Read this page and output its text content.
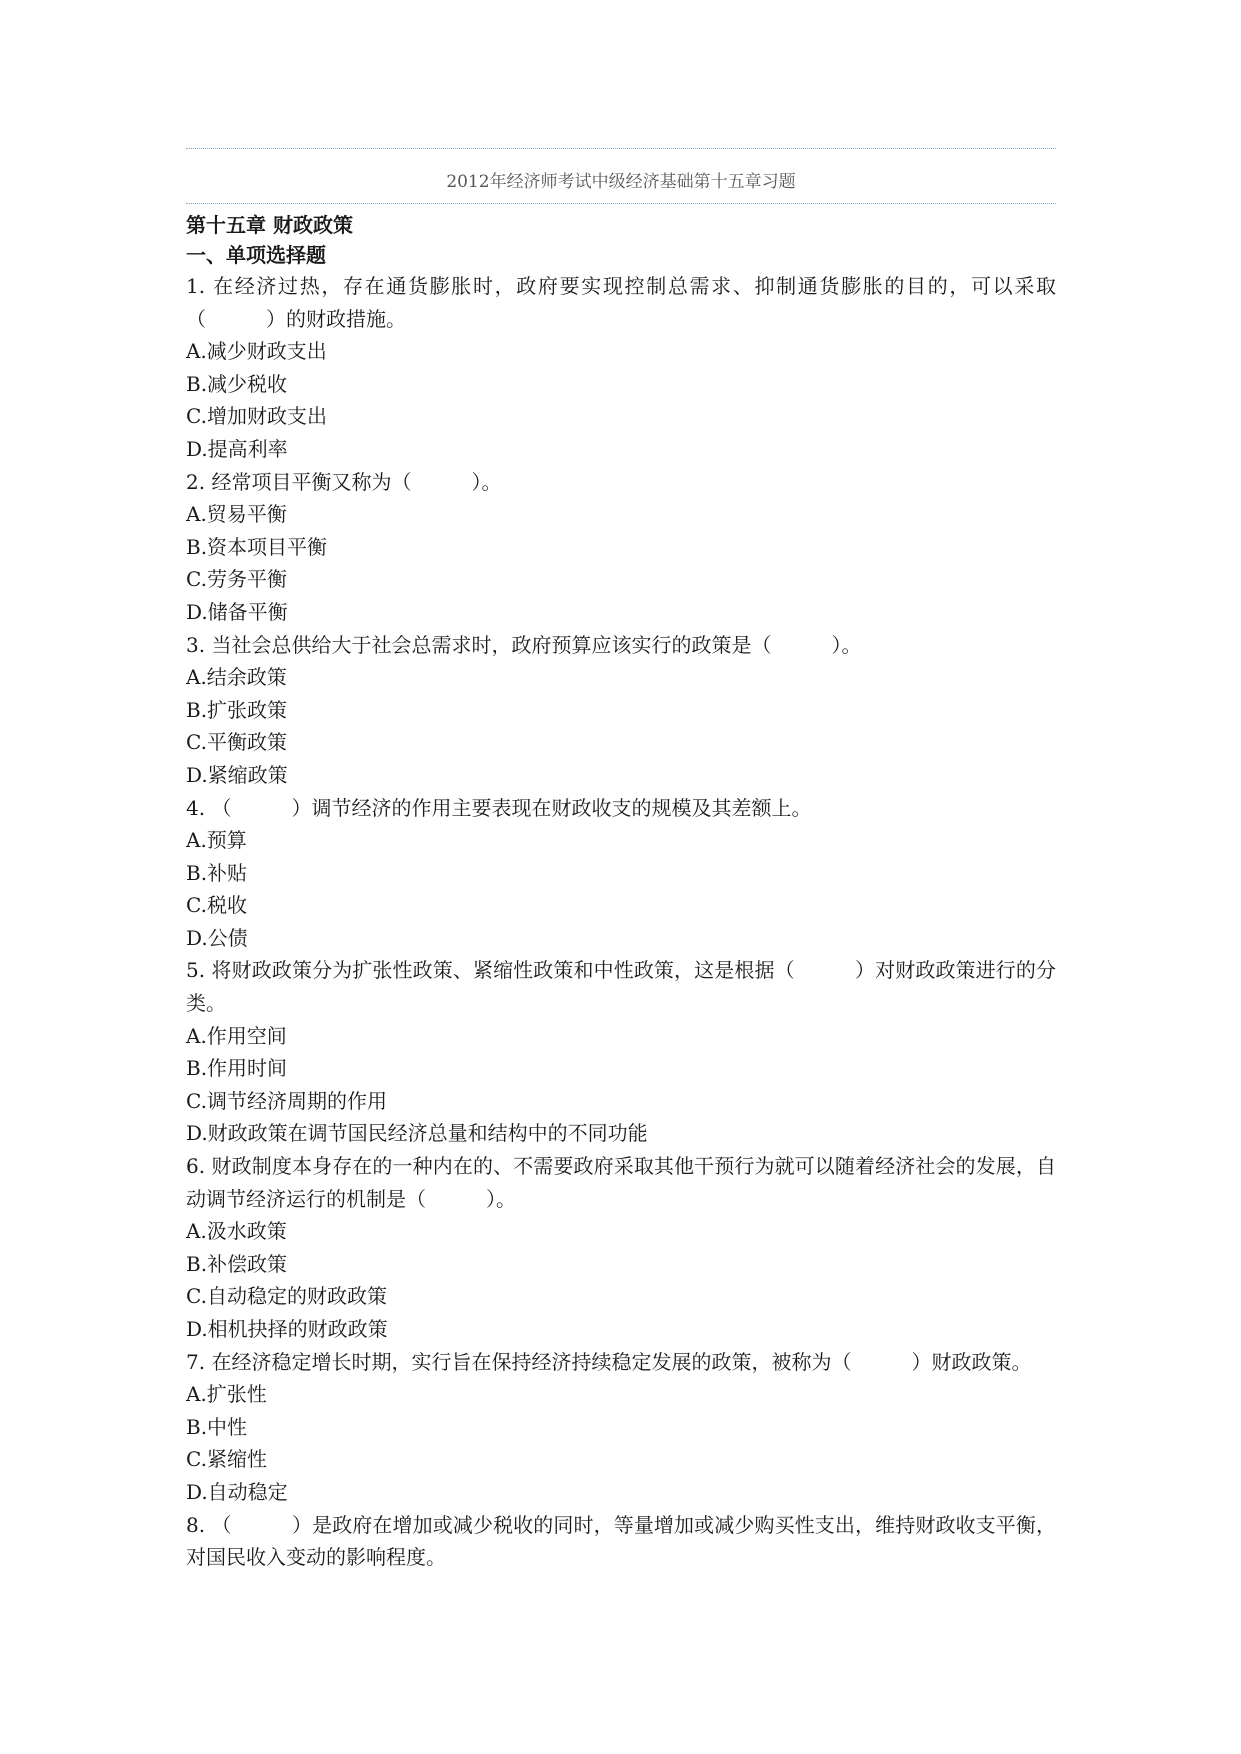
2012年经济师考试中级经济基础第十五章习题
第十五章 财政政策
一、单项选择题
1. 在经济过热，存在通货膨胀时，政府要实现控制总需求、抑制通货膨胀的目的，可以采取（　　　）的财政措施。
A.减少财政支出
B.减少税收
C.增加财政支出
D.提高利率
2. 经常项目平衡又称为（　　　）。
A.贸易平衡
B.资本项目平衡
C.劳务平衡
D.储备平衡
3. 当社会总供给大于社会总需求时，政府预算应该实行的政策是（　　　）。
A.结余政策
B.扩张政策
C.平衡政策
D.紧缩政策
4. （　　　）调节经济的作用主要表现在财政收支的规模及其差额上。
A.预算
B.补贴
C.税收
D.公债
5. 将财政政策分为扩张性政策、紧缩性政策和中性政策，这是根据（　　　）对财政政策进行的分类。
A.作用空间
B.作用时间
C.调节经济周期的作用
D.财政政策在调节国民经济总量和结构中的不同功能
6. 财政制度本身存在的一种内在的、不需要政府采取其他干预行为就可以随着经济社会的发展，自动调节经济运行的机制是（　　　）。
A.汲水政策
B.补偿政策
C.自动稳定的财政政策
D.相机抉择的财政政策
7. 在经济稳定增长时期，实行旨在保持经济持续稳定发展的政策，被称为（　　　）财政政策。
A.扩张性
B.中性
C.紧缩性
D.自动稳定
8. （　　　）是政府在增加或减少税收的同时，等量增加或减少购买性支出，维持财政收支平衡，对国民收入变动的影响程度。
